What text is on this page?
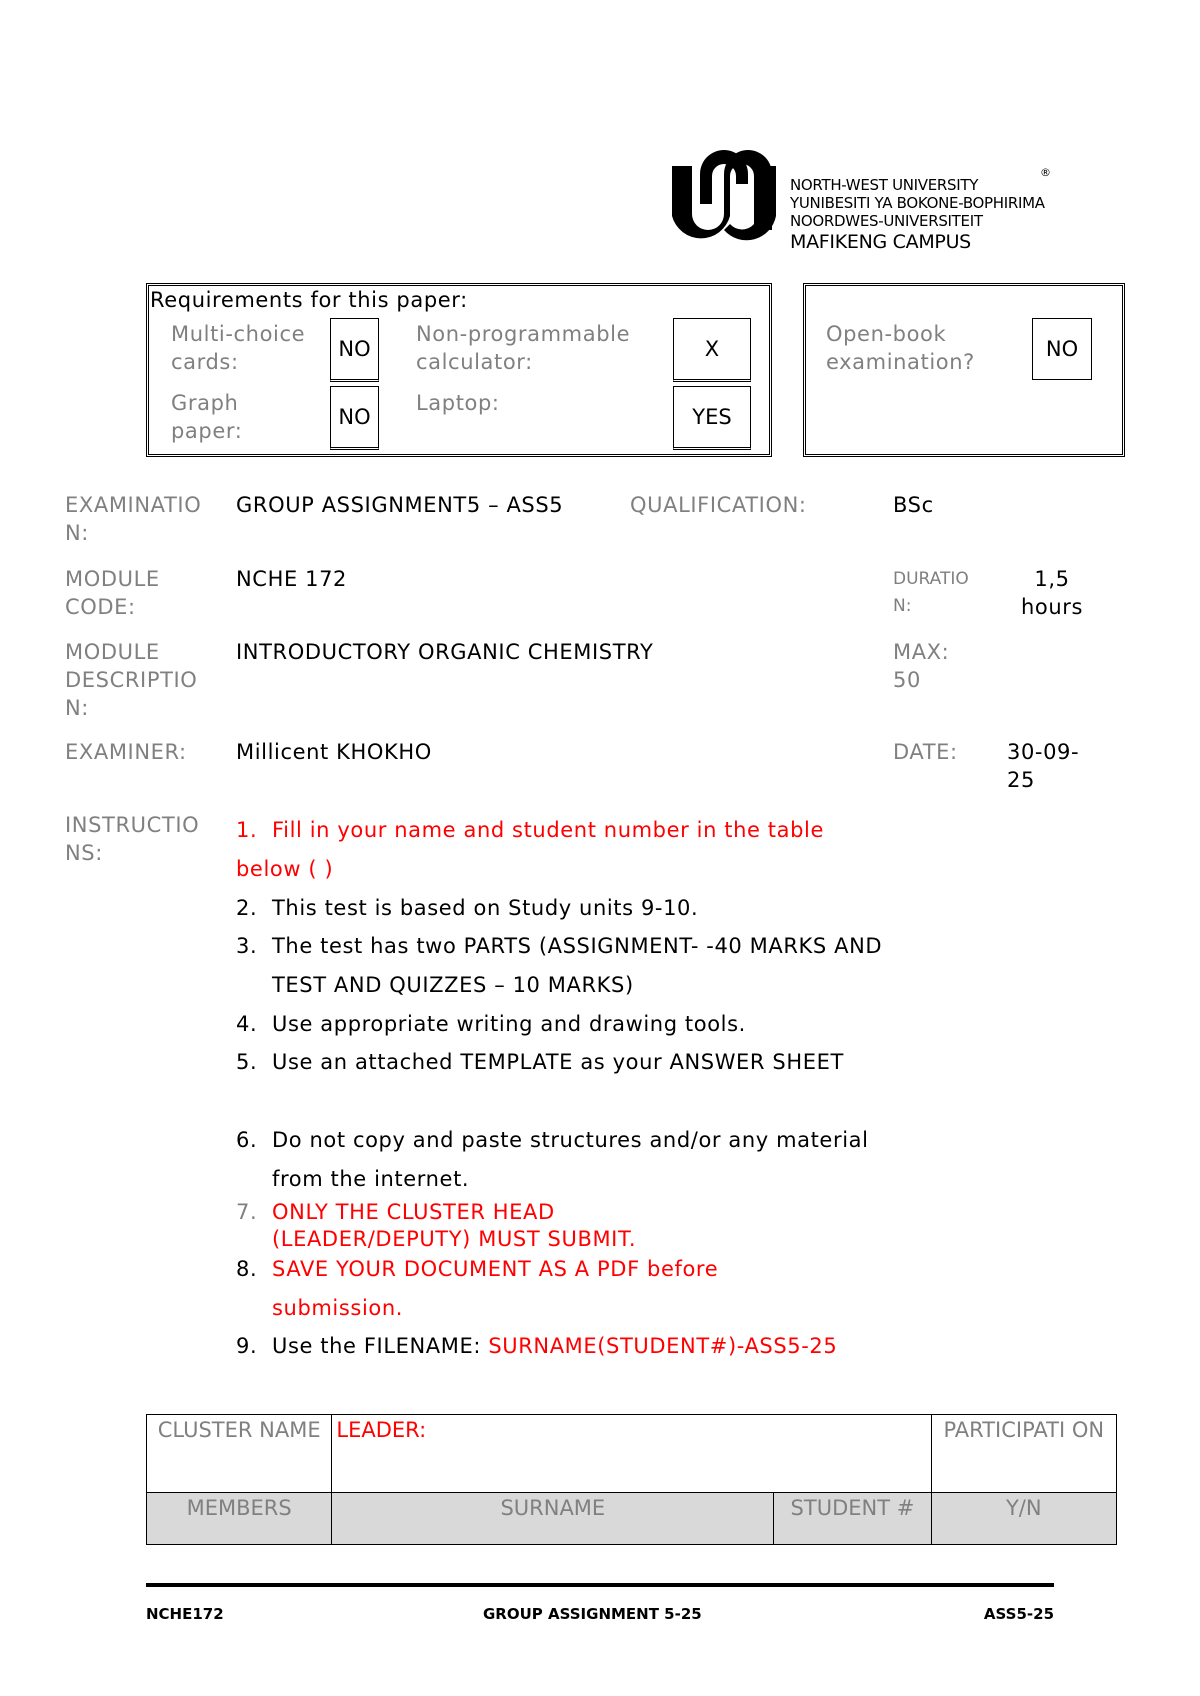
NORTH-WEST UNIVERSITY
YUNIBESITI YA BOKONE-BOPHIRIMA
NOORDWES-UNIVERSITEIT
MAFIKENG CAMPUS
®
Requirements for this paper:
Multi-choice cards:
NO
Non-programmable calculator:
X
Graph paper:
NO
Laptop:
YES
Open-book examination?
NO
EXAMINATIO N:
GROUP ASSIGNMENT5 – ASS5	QUALIFICATION:	BSc
MODULE CODE:
NCHE 172	DURATIO N:
1,5 hours
MODULE DESCRIPTIO N:
INTRODUCTORY ORGANIC CHEMISTRY	MAX: 50
EXAMINER: Millicent KHOKHO	DATE: 30-09- 25
INSTRUCTIO NS:
1. Fill in your name and student number in the table below ( )
2. This test is based on Study units 9-10.
3. The test has two PARTS (ASSIGNMENT- -40 MARKS AND TEST AND QUIZZES – 10 MARKS)
4. Use appropriate writing and drawing tools.
5. Use an attached TEMPLATE as your ANSWER SHEET
6. Do not copy and paste structures and/or any material from the internet.
7. ONLY THE CLUSTER HEAD (LEADER/DEPUTY) MUST SUBMIT.
8. SAVE YOUR DOCUMENT AS A PDF before submission.
9. Use the FILENAME: SURNAME(STUDENT#)-ASS5-25
CLUSTER NAME	LEADER:		PARTICIPATI ON
MEMBERS	SURNAME	STUDENT #	Y/N
NCHE172	GROUP ASSIGNMENT 5-25	ASS5-25
